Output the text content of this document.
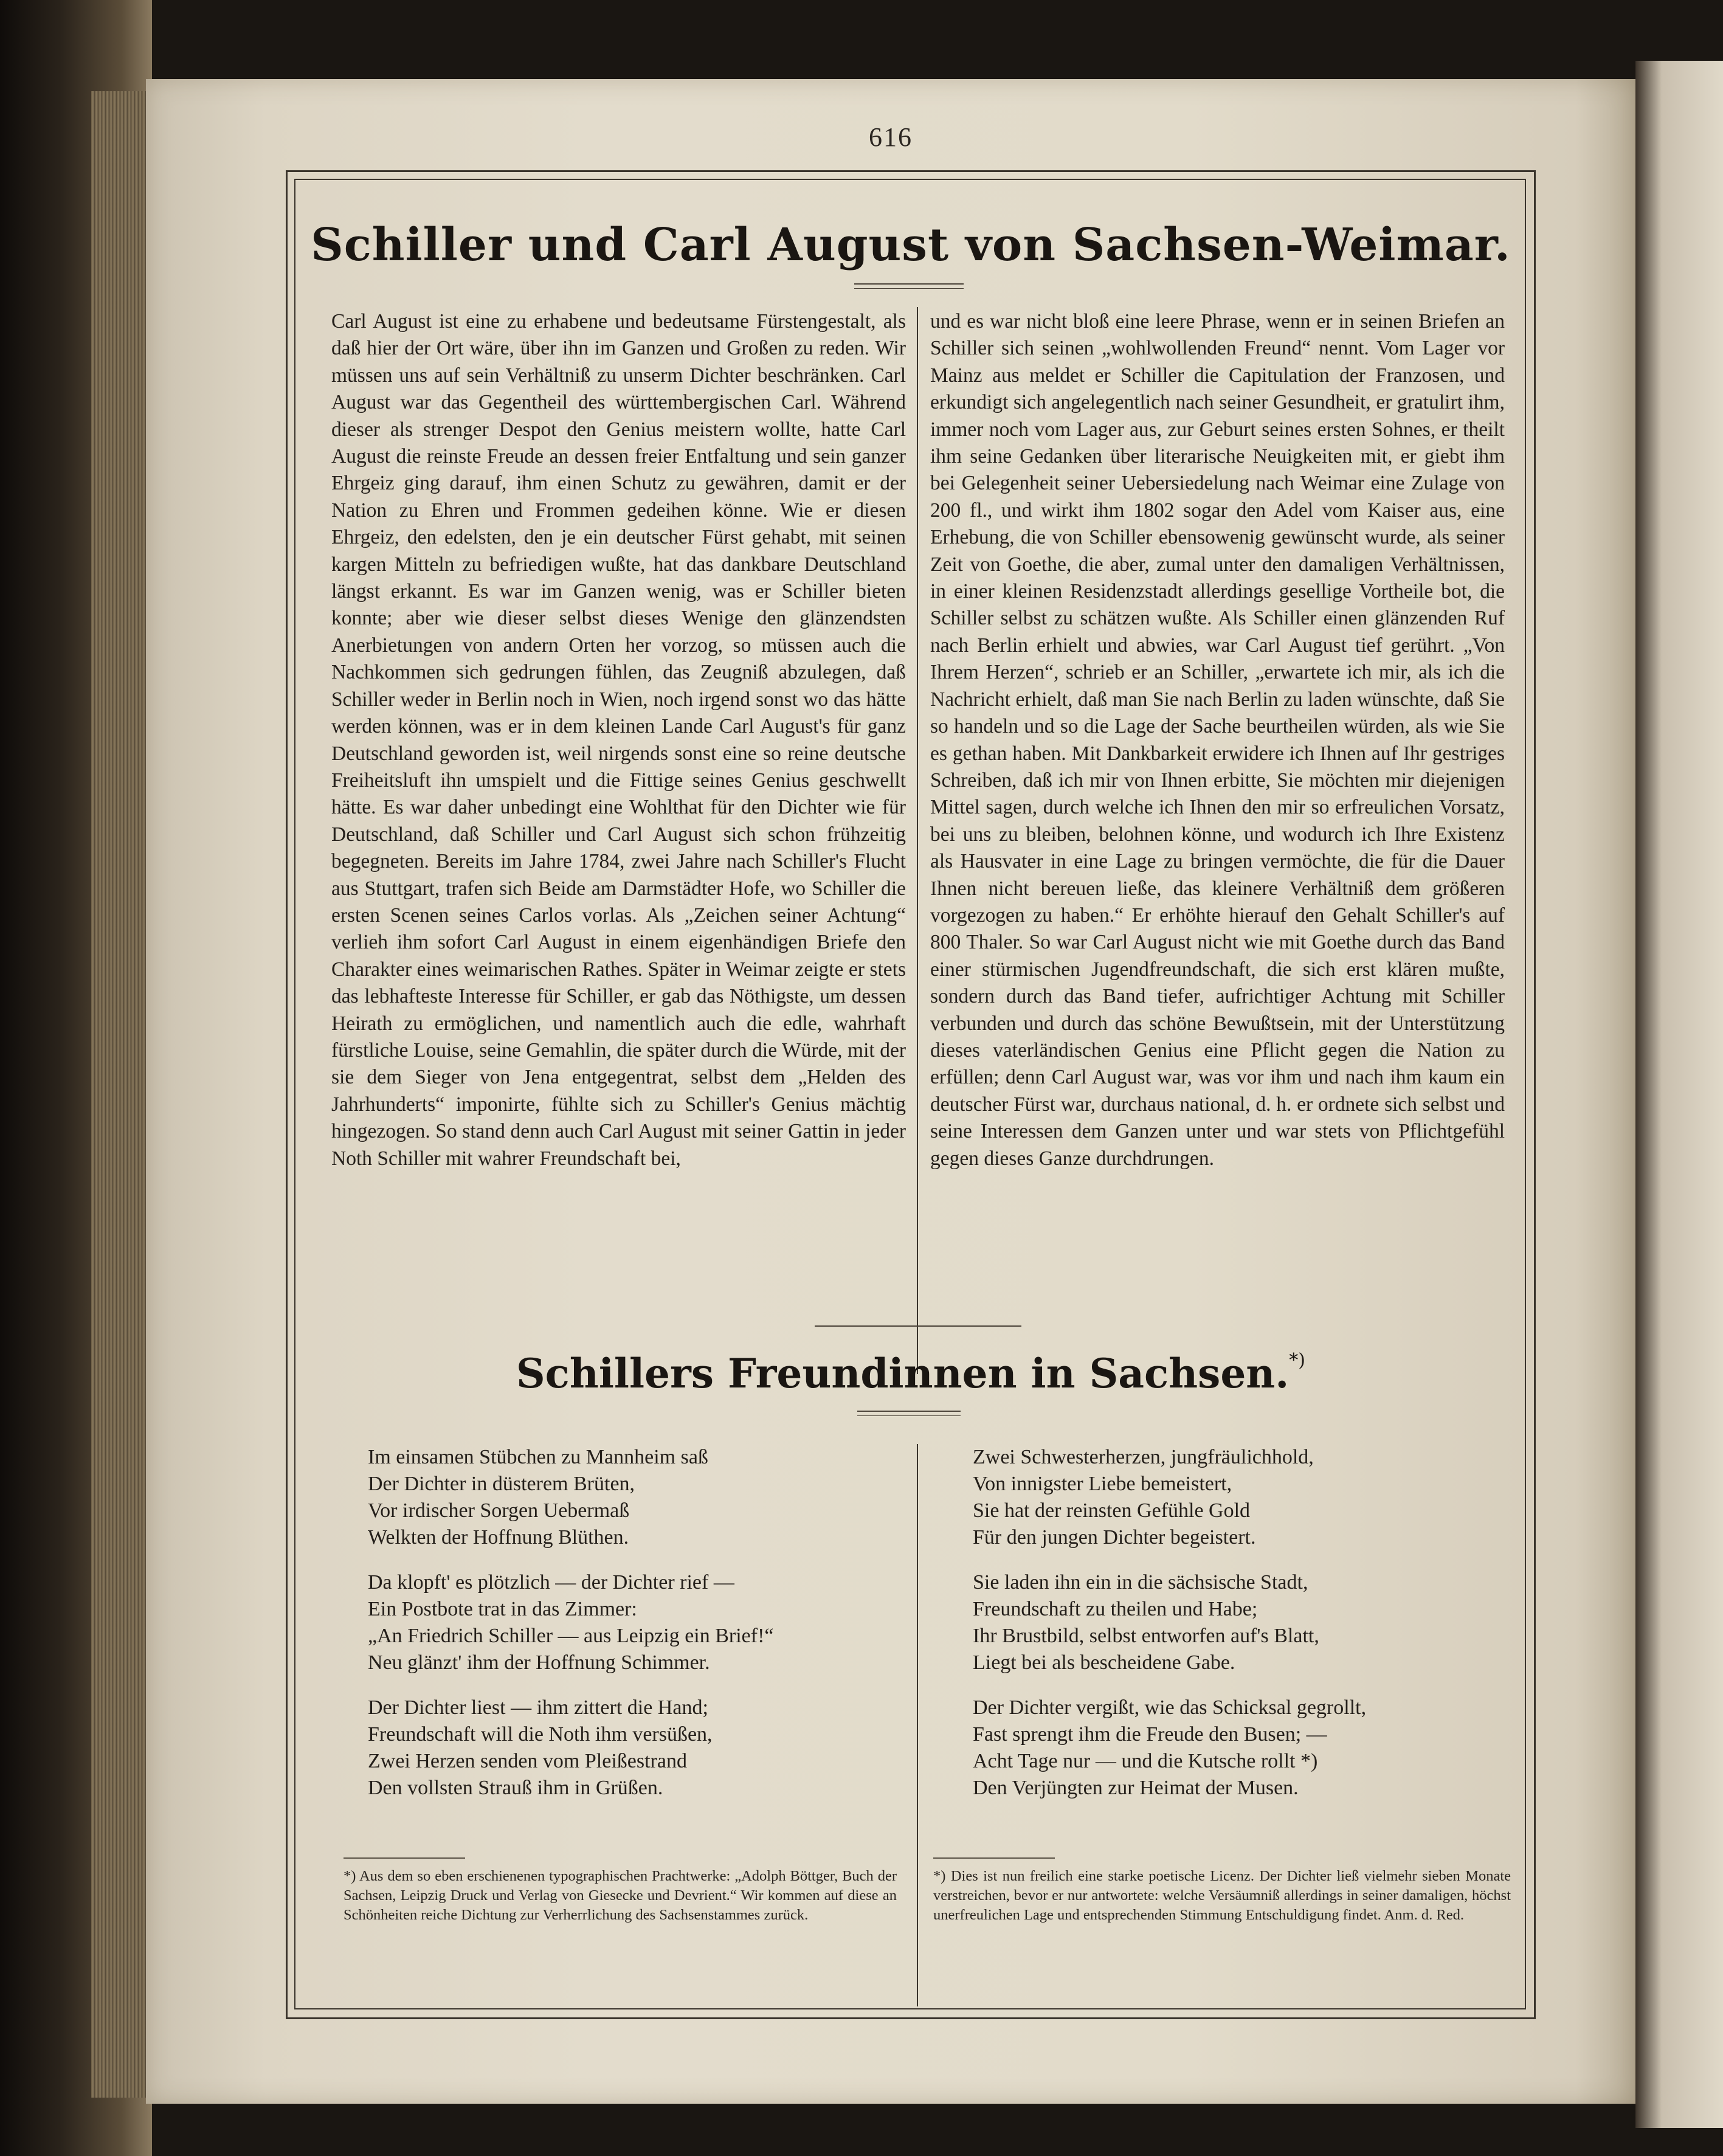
616
Schiller und Carl August von Sachsen-Weimar.

Carl August ist eine zu erhabene und bedeutsame Fürstengestalt, als daß hier der Ort wäre, über ihn im Ganzen und Großen zu reden. Wir müssen uns auf sein Verhältniß zu unserm Dichter beschränken. Carl August war das Gegentheil des württembergischen Carl. Während dieser als strenger Despot den Genius meistern wollte, hatte Carl August die reinste Freude an dessen freier Entfaltung und sein ganzer Ehrgeiz ging darauf, ihm einen Schutz zu gewähren, damit er der Nation zu Ehren und Frommen gedeihen könne. Wie er diesen Ehrgeiz, den edelsten, den je ein deutscher Fürst gehabt, mit seinen kargen Mitteln zu befriedigen wußte, hat das dankbare Deutschland längst erkannt. Es war im Ganzen wenig, was er Schiller bieten konnte; aber wie dieser selbst dieses Wenige den glänzendsten Anerbietungen von andern Orten her vorzog, so müssen auch die Nachkommen sich gedrungen fühlen, das Zeugniß abzulegen, daß Schiller weder in Berlin noch in Wien, noch irgend sonst wo das hätte werden können, was er in dem kleinen Lande Carl August's für ganz Deutschland geworden ist, weil nirgends sonst eine so reine deutsche Freiheitsluft ihn umspielt und die Fittige seines Genius geschwellt hätte. Es war daher unbedingt eine Wohlthat für den Dichter wie für Deutschland, daß Schiller und Carl August sich schon frühzeitig begegneten. Bereits im Jahre 1784, zwei Jahre nach Schiller's Flucht aus Stuttgart, trafen sich Beide am Darmstädter Hofe, wo Schiller die ersten Scenen seines Carlos vorlas. Als „Zeichen seiner Achtung“ verlieh ihm sofort Carl August in einem eigenhändigen Briefe den Charakter eines weimarischen Rathes. Später in Weimar zeigte er stets das lebhafteste Interesse für Schiller, er gab das Nöthigste, um dessen Heirath zu ermöglichen, und namentlich auch die edle, wahrhaft fürstliche Louise, seine Gemahlin, die später durch die Würde, mit der sie dem Sieger von Jena entgegentrat, selbst dem „Helden des Jahrhunderts“ imponirte, fühlte sich zu Schiller's Genius mächtig hingezogen. So stand denn auch Carl August mit seiner Gattin in jeder Noth Schiller mit wahrer Freundschaft bei,

und es war nicht bloß eine leere Phrase, wenn er in seinen Briefen an Schiller sich seinen „wohlwollenden Freund“ nennt. Vom Lager vor Mainz aus meldet er Schiller die Capitulation der Franzosen, und erkundigt sich angelegentlich nach seiner Gesundheit, er gratulirt ihm, immer noch vom Lager aus, zur Geburt seines ersten Sohnes, er theilt ihm seine Gedanken über literarische Neuigkeiten mit, er giebt ihm bei Gelegenheit seiner Uebersiedelung nach Weimar eine Zulage von 200 fl., und wirkt ihm 1802 sogar den Adel vom Kaiser aus, eine Erhebung, die von Schiller ebensowenig gewünscht wurde, als seiner Zeit von Goethe, die aber, zumal unter den damaligen Verhältnissen, in einer kleinen Residenzstadt allerdings gesellige Vortheile bot, die Schiller selbst zu schätzen wußte. Als Schiller einen glänzenden Ruf nach Berlin erhielt und abwies, war Carl August tief gerührt. „Von Ihrem Herzen“, schrieb er an Schiller, „erwartete ich mir, als ich die Nachricht erhielt, daß man Sie nach Berlin zu laden wünschte, daß Sie so handeln und so die Lage der Sache beurtheilen würden, als wie Sie es gethan haben. Mit Dankbarkeit erwidere ich Ihnen auf Ihr gestriges Schreiben, daß ich mir von Ihnen erbitte, Sie möchten mir diejenigen Mittel sagen, durch welche ich Ihnen den mir so erfreulichen Vorsatz, bei uns zu bleiben, belohnen könne, und wodurch ich Ihre Existenz als Hausvater in eine Lage zu bringen vermöchte, die für die Dauer Ihnen nicht bereuen ließe, das kleinere Verhältniß dem größeren vorgezogen zu haben.“ Er erhöhte hierauf den Gehalt Schiller's auf 800 Thaler. So war Carl August nicht wie mit Goethe durch das Band einer stürmischen Jugendfreundschaft, die sich erst klären mußte, sondern durch das Band tiefer, aufrichtiger Achtung mit Schiller verbunden und durch das schöne Bewußtsein, mit der Unterstützung dieses vaterländischen Genius eine Pflicht gegen die Nation zu erfüllen; denn Carl August war, was vor ihm und nach ihm kaum ein deutscher Fürst war, durchaus national, d. h. er ordnete sich selbst und seine Interessen dem Ganzen unter und war stets von Pflichtgefühl gegen dieses Ganze durchdrungen.

Schillers Freundinnen in Sachsen.*)
Im einsamen Stübchen zu Mannheim saß
Der Dichter in düsterem Brüten,
Vor irdischer Sorgen Uebermaß
Welkten der Hoffnung Blüthen.
Da klopft' es plötzlich — der Dichter rief —
Ein Postbote trat in das Zimmer:
„An Friedrich Schiller — aus Leipzig ein Brief!“
Neu glänzt' ihm der Hoffnung Schimmer.
Der Dichter liest — ihm zittert die Hand;
Freundschaft will die Noth ihm versüßen,
Zwei Herzen senden vom Pleißestrand
Den vollsten Strauß ihm in Grüßen.
Zwei Schwesterherzen, jungfräulichhold,
Von innigster Liebe bemeistert,
Sie hat der reinsten Gefühle Gold
Für den jungen Dichter begeistert.
Sie laden ihn ein in die sächsische Stadt,
Freundschaft zu theilen und Habe;
Ihr Brustbild, selbst entworfen auf's Blatt,
Liegt bei als bescheidene Gabe.
Der Dichter vergißt, wie das Schicksal gegrollt,
Fast sprengt ihm die Freude den Busen; —
Acht Tage nur — und die Kutsche rollt *)
Den Verjüngten zur Heimat der Musen.
*) Aus dem so eben erschienenen typographischen Prachtwerke: „Adolph Böttger, Buch der Sachsen, Leipzig Druck und Verlag von Giesecke und Devrient.“ Wir kommen auf diese an Schönheiten reiche Dichtung zur Verherrlichung des Sachsenstammes zurück.
*) Dies ist nun freilich eine starke poetische Licenz. Der Dichter ließ vielmehr sieben Monate verstreichen, bevor er nur antwortete: welche Versäumniß allerdings in seiner damaligen, höchst unerfreulichen Lage und entsprechenden Stimmung Entschuldigung findet. Anm. d. Red.
